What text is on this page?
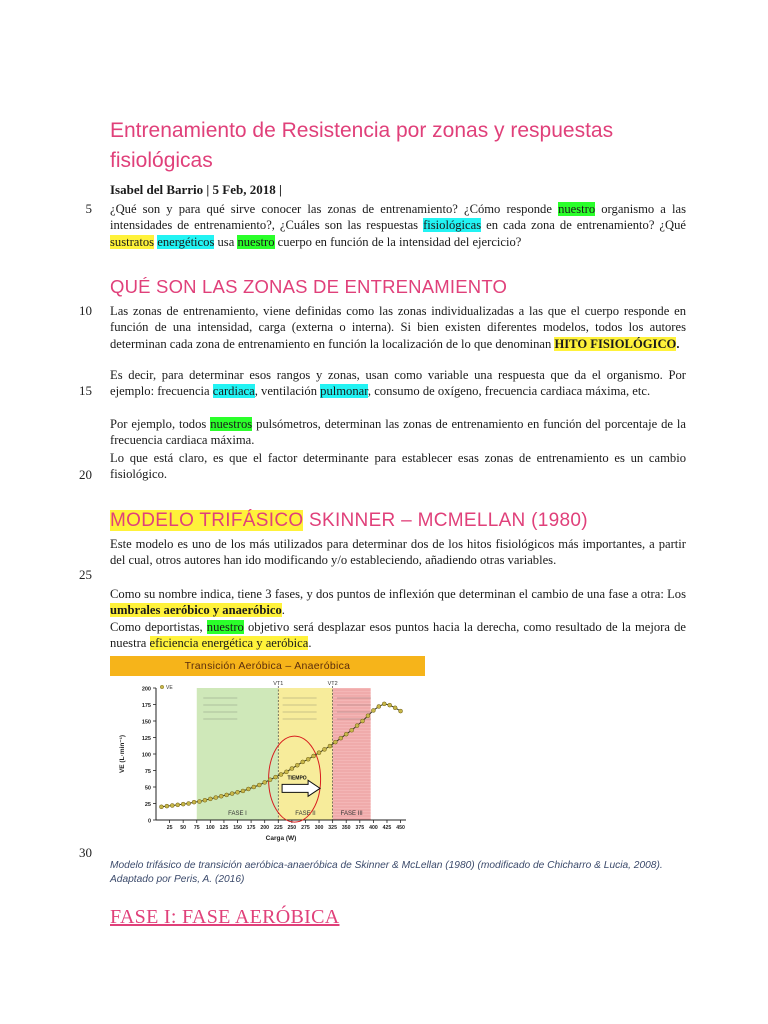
5
10
15
20
25
30
Entrenamiento de Resistencia por zonas y respuestas fisiológicas
Isabel del Barrio | 5 Feb, 2018 |

¿Qué son y para qué sirve conocer las zonas de entrenamiento? ¿Cómo responde nuestro organismo a las intensidades de entrenamiento?, ¿Cuáles son las respuestas fisiológicas en cada zona de entrenamiento? ¿Qué sustratos energéticos usa nuestro cuerpo en función de la intensidad del ejercicio?

QUÉ SON LAS ZONAS DE ENTRENAMIENTO

Las zonas de entrenamiento, viene definidas como las zonas individualizadas a las que el cuerpo responde en función de una intensidad, carga (externa o interna). Si bien existen diferentes modelos, todos los autores determinan cada zona de entrenamiento en función la localización de lo que denominan HITO FISIOLÓGICO.

Es decir, para determinar esos rangos y zonas, usan como variable una respuesta que da el organismo. Por ejemplo: frecuencia cardiaca, ventilación pulmonar, consumo de oxígeno, frecuencia cardiaca máxima, etc.

Por ejemplo, todos nuestros pulsómetros, determinan las zonas de entrenamiento en función del porcentaje de la frecuencia cardiaca máxima.

Lo que está claro, es que el factor determinante para establecer esas zonas de entrenamiento es un cambio fisiológico.

MODELO TRIFÁSICO SKINNER – MCMELLAN (1980)

Este modelo es uno de los más utilizados para determinar dos de los hitos fisiológicos más importantes, a partir del cual, otros autores han ido modificando y/o estableciendo, añadiendo otras variables.

Como su nombre indica, tiene 3 fases, y dos puntos de inflexión que determinan el cambio de una fase a otra: Los umbrales aeróbico y anaeróbico.

Como deportistas, nuestro objetivo será desplazar esos puntos hacia la derecha, como resultado de la mejora de nuestra eficiencia energética y aeróbica.

Transición Aeróbica – Anaeróbica
0
25
50
75
100
125
150
175
200
25 50 75 100 125 150 175 200 225 250 275 300 325 350 375 400 425 450
VT1	VT2
VE
FASE I	FASE II	FASE III
TIEMPO
Carga (W)
VE (L·min⁻¹)

Modelo trifásico de transición aeróbica-anaeróbica de Skinner & McLellan (1980) (modificado de Chicharro & Lucia, 2008). Adaptado por Peris, A. (2016)

FASE I: FASE AERÓBICA
